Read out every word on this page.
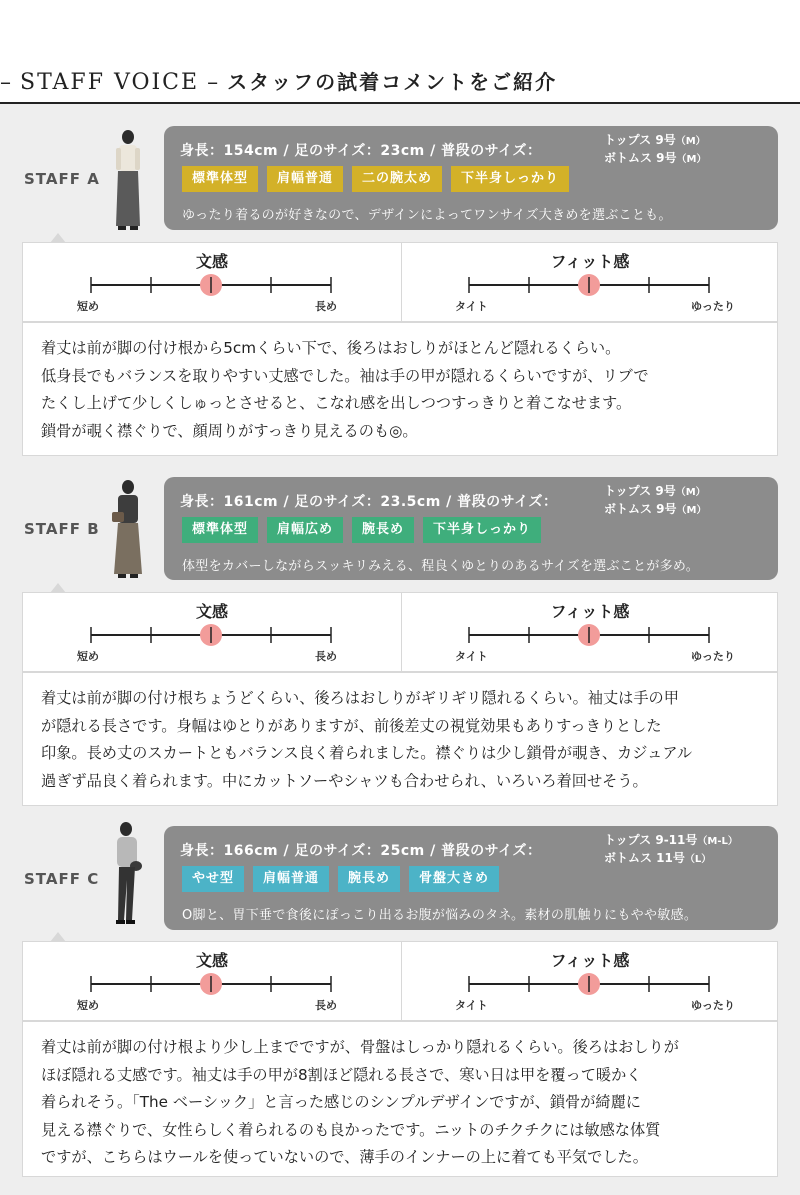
– STAFF VOICE – スタッフの試着コメントをご紹介
STAFF A
身長：154cm / 足のサイズ：23cm / 普段のサイズ：
トップス 9号（M）
ボトムス 9号（M）
標準体型 肩幅普通 二の腕太め 下半身しっかり
ゆったり着るのが好きなので、デザインによってワンサイズ大きめを選ぶことも。
文感
短め	長め
フィット感
タイト	ゆったり
着丈は前が脚の付け根から5cmくらい下で、後ろはおしりがほとんど隠れるくらい。
低身長でもバランスを取りやすい丈感でした。袖は手の甲が隠れるくらいですが、リブで
たくし上げて少しくしゅっとさせると、こなれ感を出しつつすっきりと着こなせます。
鎖骨が覗く襟ぐりで、顔周りがすっきり見えるのも◎。
STAFF B
身長：161cm / 足のサイズ：23.5cm / 普段のサイズ：
トップス 9号（M）
ボトムス 9号（M）
標準体型 肩幅広め 腕長め 下半身しっかり
体型をカバーしながらスッキリみえる、程良くゆとりのあるサイズを選ぶことが多め。
文感
短め	長め
フィット感
タイト	ゆったり
着丈は前が脚の付け根ちょうどくらい、後ろはおしりがギリギリ隠れるくらい。袖丈は手の甲
が隠れる長さです。身幅はゆとりがありますが、前後差丈の視覚効果もありすっきりとした
印象。長め丈のスカートともバランス良く着られました。襟ぐりは少し鎖骨が覗き、カジュアル
過ぎず品良く着られます。中にカットソーやシャツも合わせられ、いろいろ着回せそう。
STAFF C
身長：166cm / 足のサイズ：25cm / 普段のサイズ：
トップス 9-11号（M-L）
ボトムス 11号（L）
やせ型 肩幅普通 腕長め 骨盤大きめ
O脚と、胃下垂で食後にぽっこり出るお腹が悩みのタネ。素材の肌触りにもやや敏感。
文感
短め	長め
フィット感
タイト	ゆったり
着丈は前が脚の付け根より少し上までですが、骨盤はしっかり隠れるくらい。後ろはおしりが
ほぼ隠れる丈感です。袖丈は手の甲が8割ほど隠れる長さで、寒い日は甲を覆って暖かく
着られそう。「The ベーシック」と言った感じのシンプルデザインですが、鎖骨が綺麗に
見える襟ぐりで、女性らしく着られるのも良かったです。ニットのチクチクには敏感な体質
ですが、こちらはウールを使っていないので、薄手のインナーの上に着ても平気でした。
